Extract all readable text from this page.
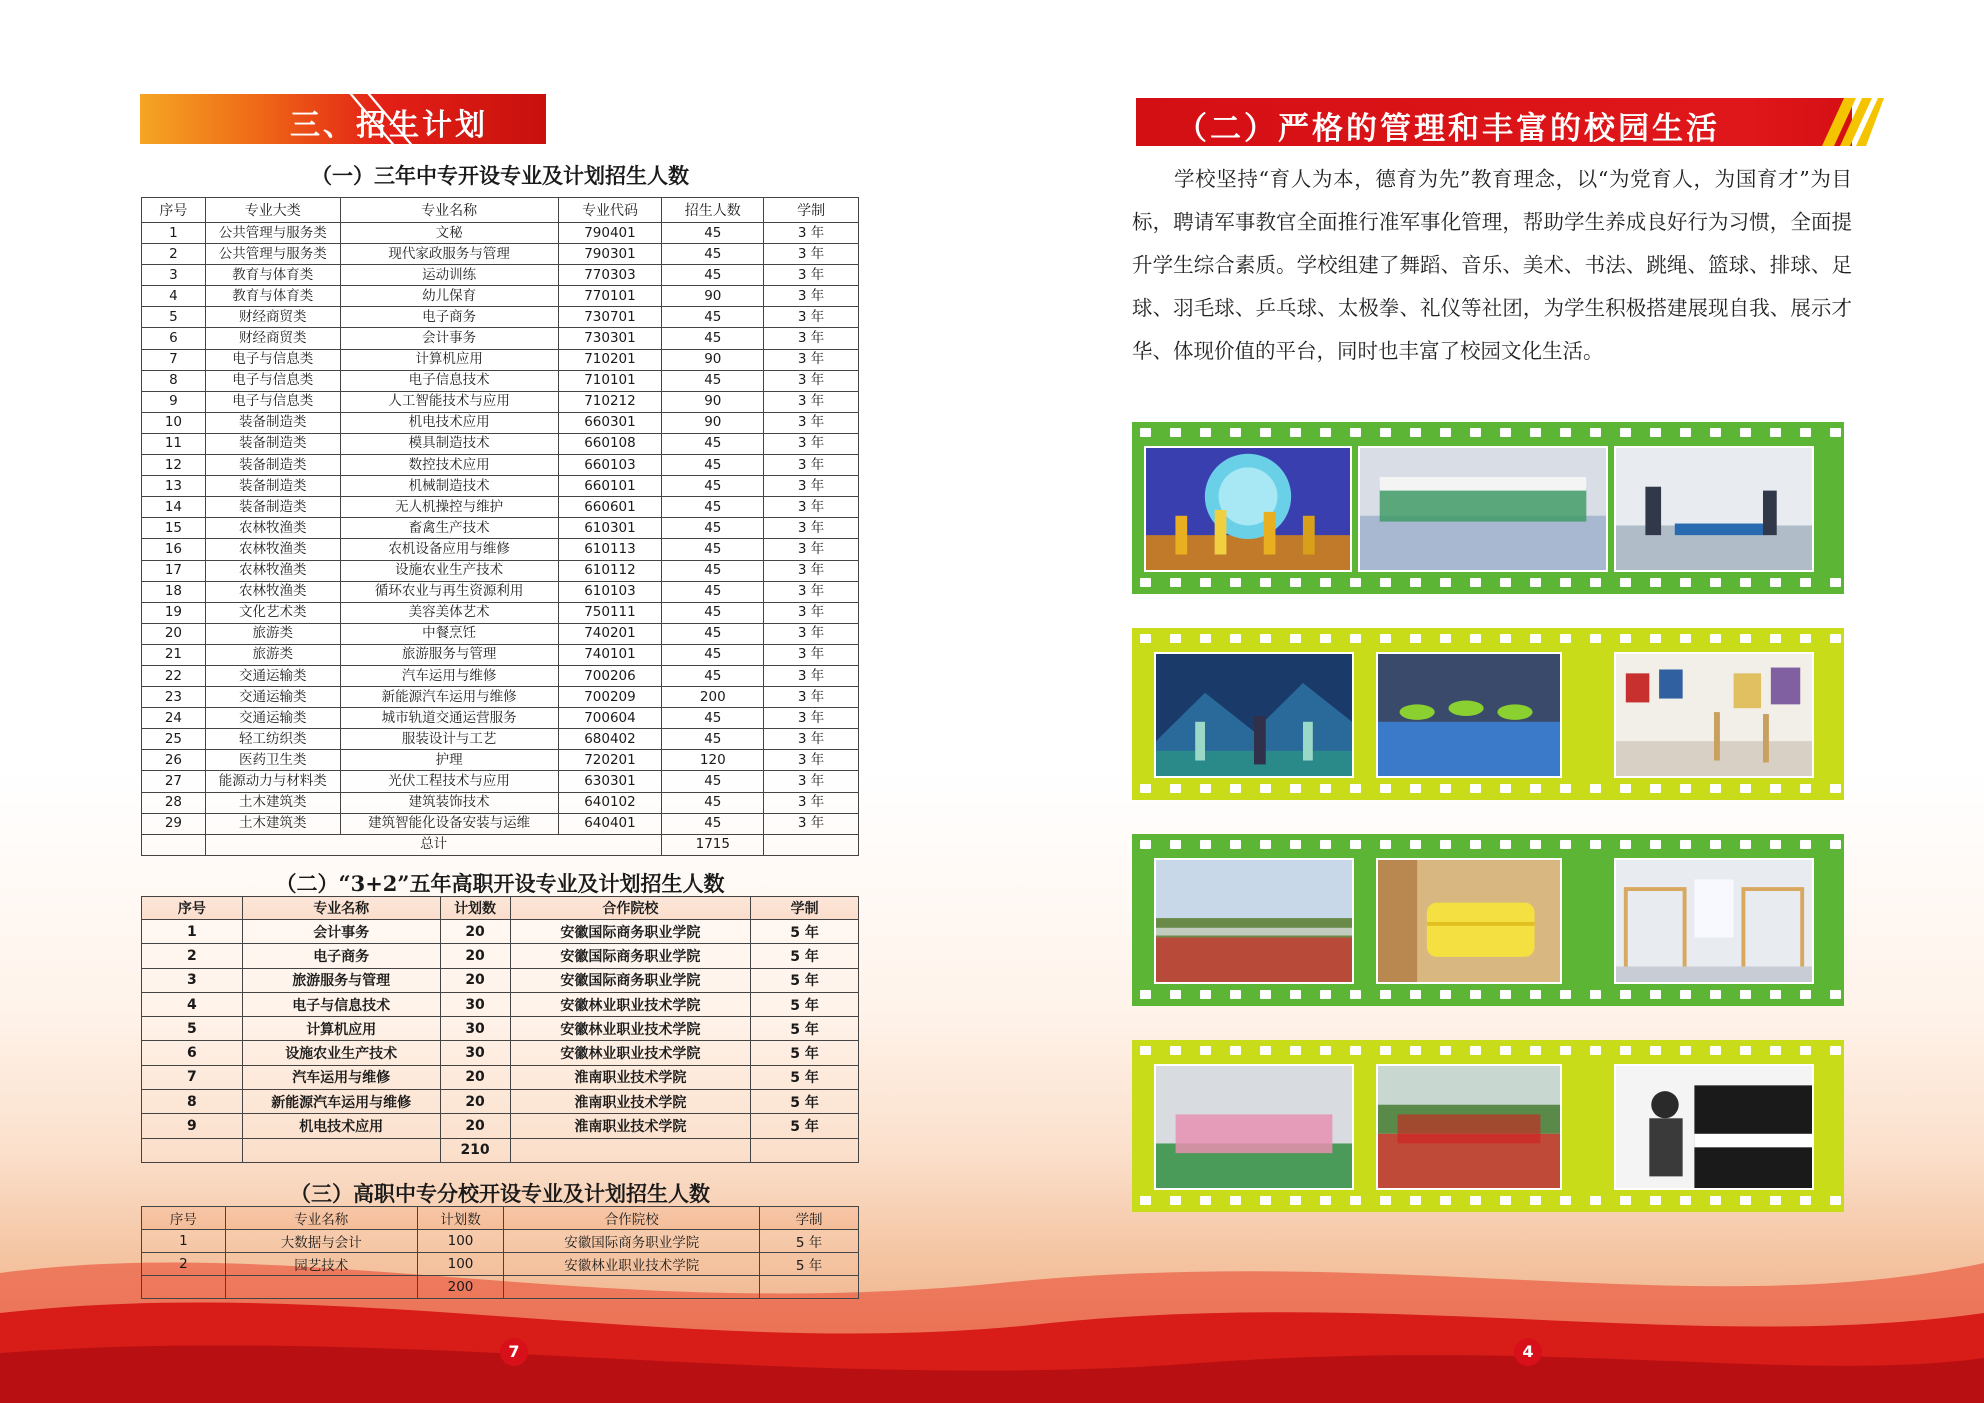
三、招生计划
（一）三年中专开设专业及计划招生人数
序号	专业大类	专业名称	专业代码	招生人数	学制
1	公共管理与服务类	文秘	790401	45	3 年
2	公共管理与服务类	现代家政服务与管理	790301	45	3 年
3	教育与体育类	运动训练	770303	45	3 年
4	教育与体育类	幼儿保育	770101	90	3 年
5	财经商贸类	电子商务	730701	45	3 年
6	财经商贸类	会计事务	730301	45	3 年
7	电子与信息类	计算机应用	710201	90	3 年
8	电子与信息类	电子信息技术	710101	45	3 年
9	电子与信息类	人工智能技术与应用	710212	90	3 年
10	装备制造类	机电技术应用	660301	90	3 年
11	装备制造类	模具制造技术	660108	45	3 年
12	装备制造类	数控技术应用	660103	45	3 年
13	装备制造类	机械制造技术	660101	45	3 年
14	装备制造类	无人机操控与维护	660601	45	3 年
15	农林牧渔类	畜禽生产技术	610301	45	3 年
16	农林牧渔类	农机设备应用与维修	610113	45	3 年
17	农林牧渔类	设施农业生产技术	610112	45	3 年
18	农林牧渔类	循环农业与再生资源利用	610103	45	3 年
19	文化艺术类	美容美体艺术	750111	45	3 年
20	旅游类	中餐烹饪	740201	45	3 年
21	旅游类	旅游服务与管理	740101	45	3 年
22	交通运输类	汽车运用与维修	700206	45	3 年
23	交通运输类	新能源汽车运用与维修	700209	200	3 年
24	交通运输类	城市轨道交通运营服务	700604	45	3 年
25	轻工纺织类	服装设计与工艺	680402	45	3 年
26	医药卫生类	护理	720201	120	3 年
27	能源动力与材料类	光伏工程技术与应用	630301	45	3 年
28	土木建筑类	建筑装饰技术	640102	45	3 年
29	土木建筑类	建筑智能化设备安装与运维	640401	45	3 年
	总计			1715	
（二）“3+2”五年高职开设专业及计划招生人数
序号	专业名称	计划数	合作院校	学制
1	会计事务	20	安徽国际商务职业学院	5 年
2	电子商务	20	安徽国际商务职业学院	5 年
3	旅游服务与管理	20	安徽国际商务职业学院	5 年
4	电子与信息技术	30	安徽林业职业技术学院	5 年
5	计算机应用	30	安徽林业职业技术学院	5 年
6	设施农业生产技术	30	安徽林业职业技术学院	5 年
7	汽车运用与维修	20	淮南职业技术学院	5 年
8	新能源汽车运用与维修	20	淮南职业技术学院	5 年
9	机电技术应用	20	淮南职业技术学院	5 年
		210		
（三）高职中专分校开设专业及计划招生人数
序号	专业名称	计划数	合作院校	学制
1	大数据与会计	100	安徽国际商务职业学院	5 年
2	园艺技术	100	安徽林业职业技术学院	5 年
		200		
7
（二）严格的管理和丰富的校园生活
学校坚持“育人为本，德育为先”教育理念，以“为党育人，为国育才”为目标，聘请军事教官全面推行准军事化管理，帮助学生养成良好行为习惯，全面提升学生综合素质。学校组建了舞蹈、音乐、美术、书法、跳绳、篮球、排球、足球、羽毛球、乒乓球、太极拳、礼仪等社团，为学生积极搭建展现自我、展示才华、体现价值的平台，同时也丰富了校园文化生活。
4
